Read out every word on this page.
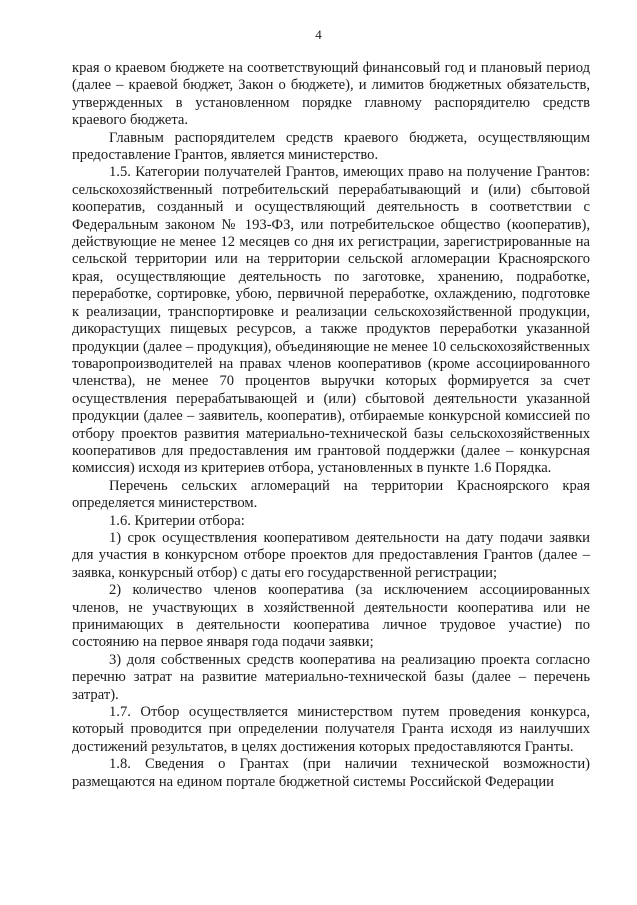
4

края о краевом бюджете на соответствующий финансовый год и плановый период (далее – краевой бюджет, Закон о бюджете), и лимитов бюджетных обязательств, утвержденных в установленном порядке главному распорядителю средств краевого бюджета.

Главным распорядителем средств краевого бюджета, осуществляющим предоставление Грантов, является министерство.

1.5. Категории получателей Грантов, имеющих право на получение Грантов: сельскохозяйственный потребительский перерабатывающий и (или) сбытовой кооператив, созданный и осуществляющий деятельность в соответствии с Федеральным законом № 193-ФЗ, или потребительское общество (кооператив), действующие не менее 12 месяцев со дня их регистрации, зарегистрированные на сельской территории или на территории сельской агломерации Красноярского края, осуществляющие деятельность по заготовке, хранению, подработке, переработке, сортировке, убою, первичной переработке, охлаждению, подготовке к реализации, транспортировке и реализации сельскохозяйственной продукции, дикорастущих пищевых ресурсов, а также продуктов переработки указанной продукции (далее – продукция), объединяющие не менее 10 сельскохозяйственных товаропроизводителей на правах членов кооперативов (кроме ассоциированного членства), не менее 70 процентов выручки которых формируется за счет осуществления перерабатывающей и (или) сбытовой деятельности указанной продукции (далее – заявитель, кооператив), отбираемые конкурсной комиссией по отбору проектов развития материально-технической базы сельскохозяйственных кооперативов для предоставления им грантовой поддержки (далее – конкурсная комиссия) исходя из критериев отбора, установленных в пункте 1.6 Порядка.

Перечень сельских агломераций на территории Красноярского края определяется министерством.

1.6. Критерии отбора:

1) срок осуществления кооперативом деятельности на дату подачи заявки для участия в конкурсном отборе проектов для предоставления Грантов (далее – заявка, конкурсный отбор) с даты его государственной регистрации;

2) количество членов кооператива (за исключением ассоциированных членов, не участвующих в хозяйственной деятельности кооператива или не принимающих в деятельности кооператива личное трудовое участие) по состоянию на первое января года подачи заявки;

3) доля собственных средств кооператива на реализацию проекта согласно перечню затрат на развитие материально-технической базы (далее – перечень затрат).

1.7. Отбор осуществляется министерством путем проведения конкурса, который проводится при определении получателя Гранта исходя из наилучших достижений результатов, в целях достижения которых предоставляются Гранты.

1.8. Сведения о Грантах (при наличии технической возможности) размещаются на едином портале бюджетной системы Российской Федерации
